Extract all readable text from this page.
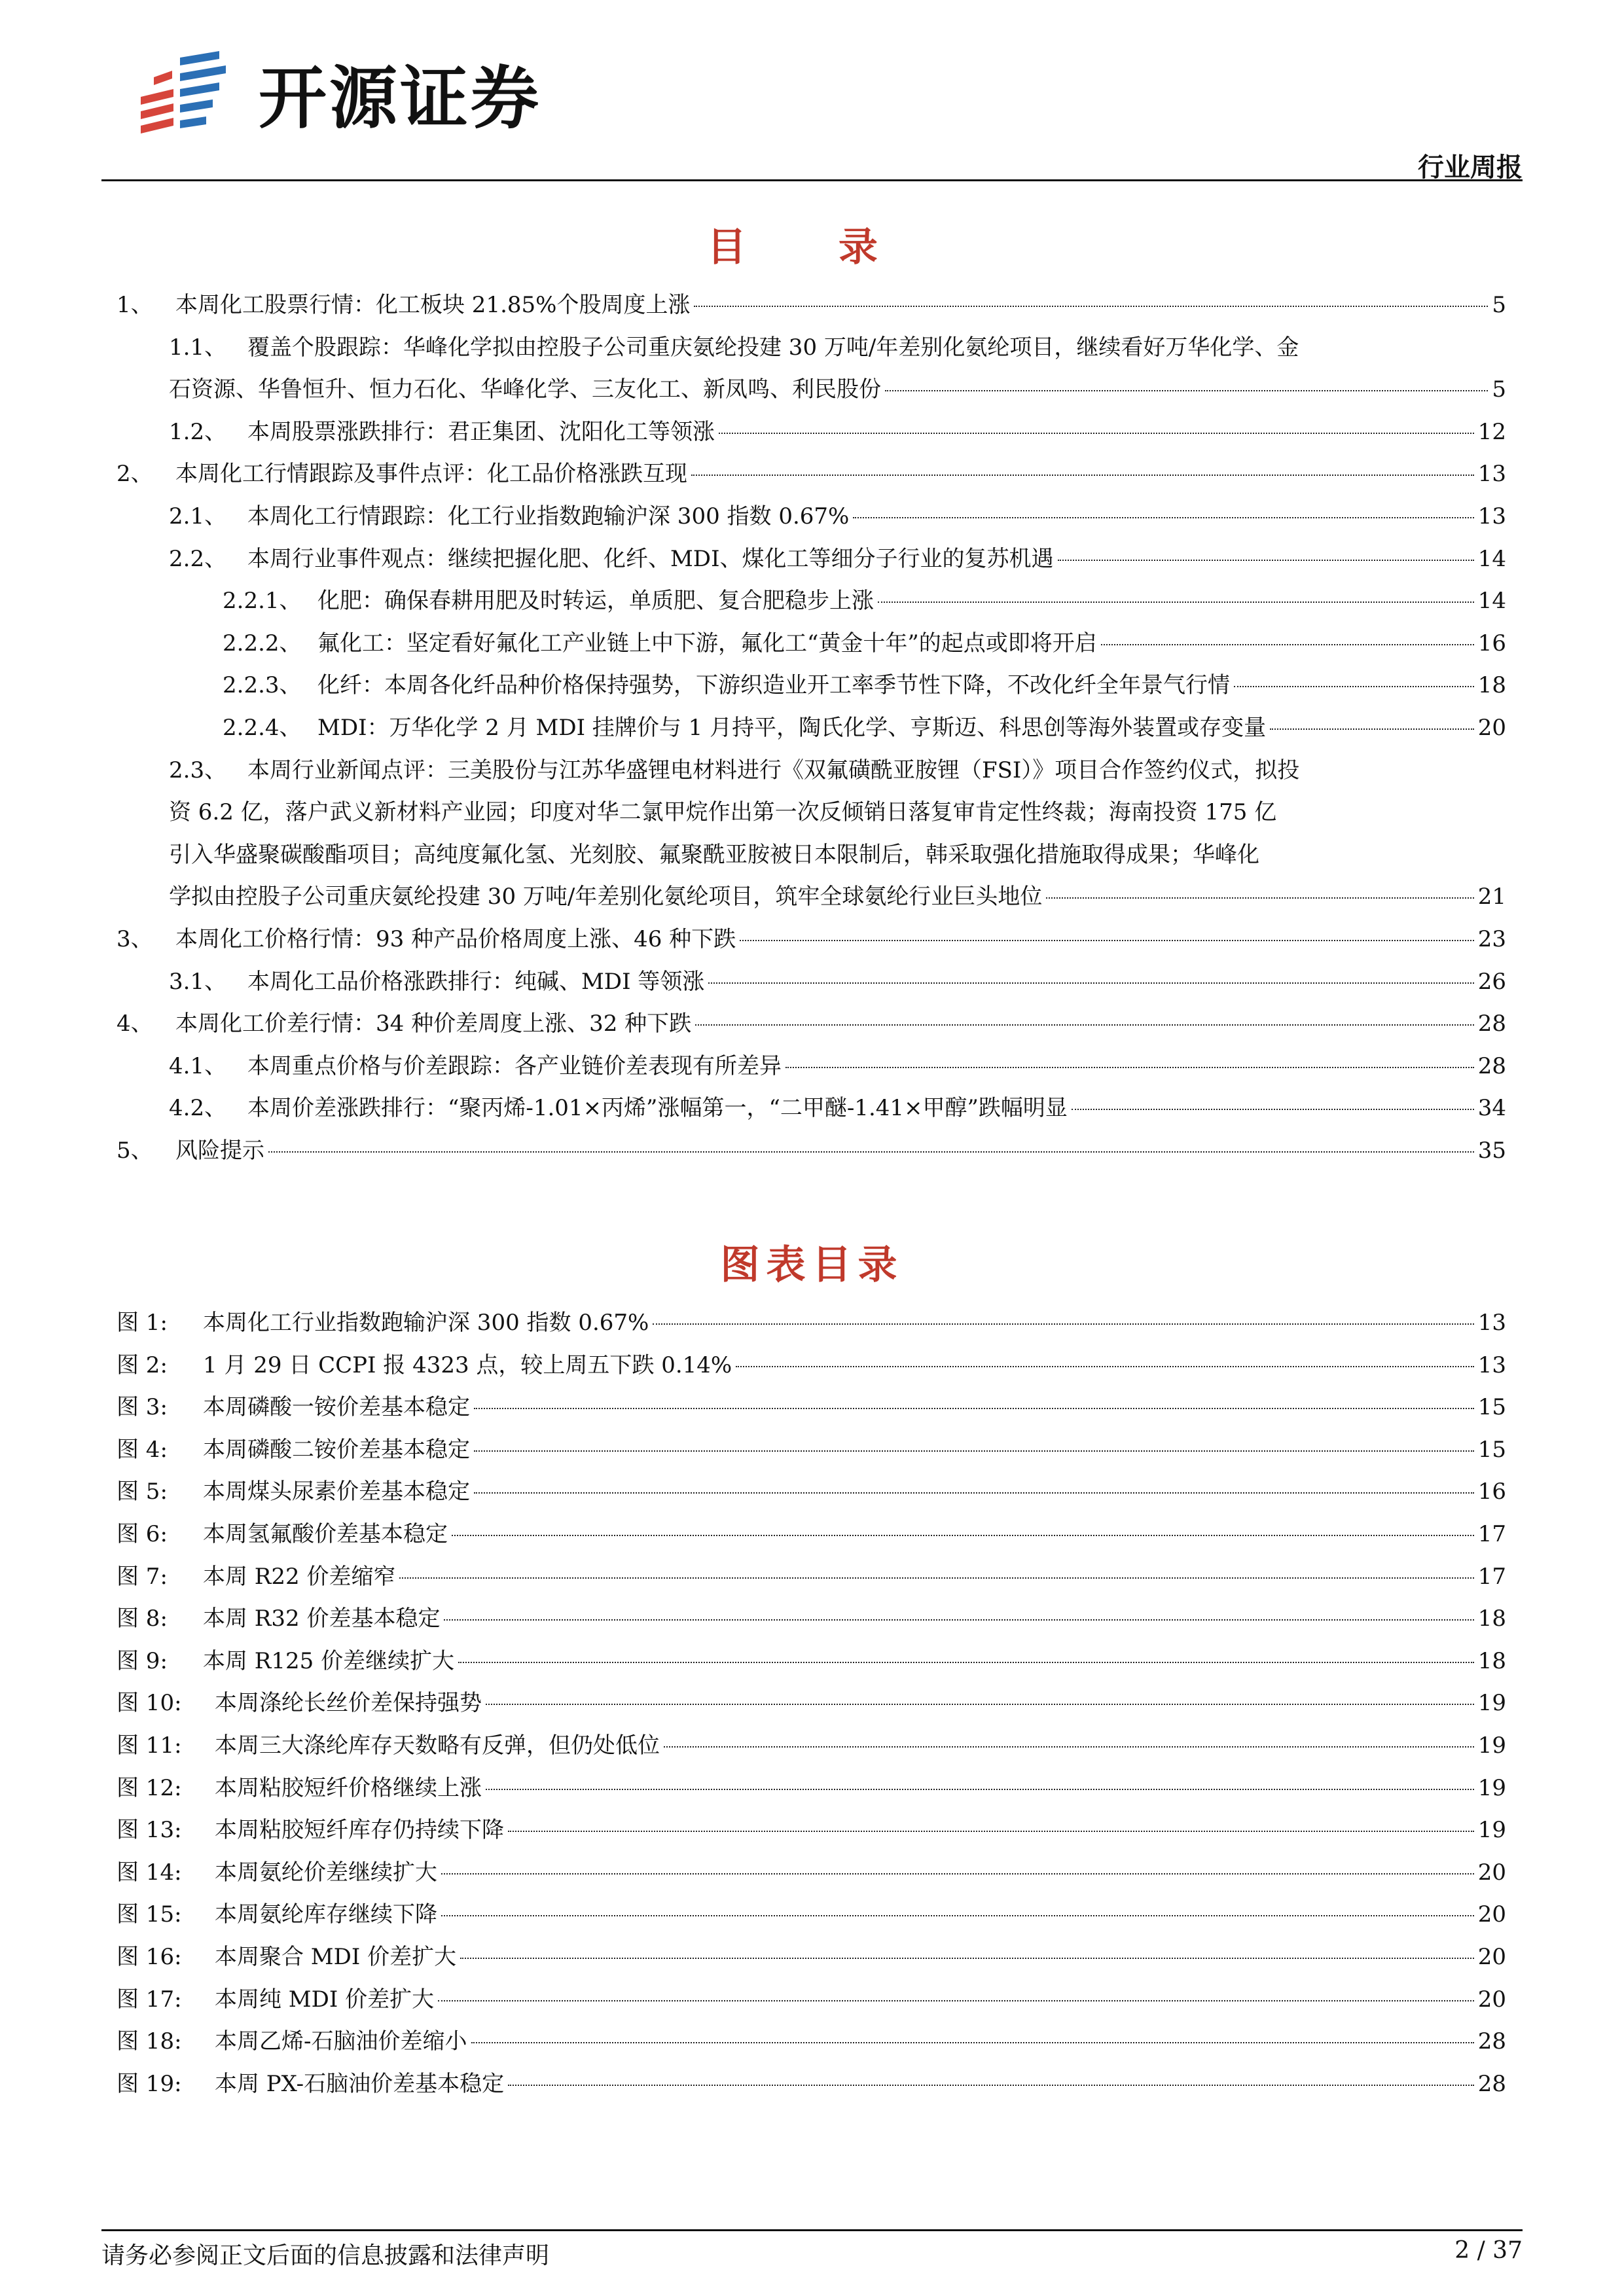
开源证券
行业周报
目 录
1、	本周化工股票行情：化工板块 21.85%个股周度上涨	5
1.1、 覆盖个股跟踪：华峰化学拟由控股子公司重庆氨纶投建 30 万吨/年差别化氨纶项目，继续看好万华化学、金
石资源、华鲁恒升、恒力石化、华峰化学、三友化工、新凤鸣、利民股份	5
1.2、 本周股票涨跌排行：君正集团、沈阳化工等领涨	12
2、	本周化工行情跟踪及事件点评：化工品价格涨跌互现	13
2.1、 本周化工行情跟踪：化工行业指数跑输沪深 300 指数 0.67%	13
2.2、 本周行业事件观点：继续把握化肥、化纤、MDI、煤化工等细分子行业的复苏机遇	14
2.2.1、 化肥：确保春耕用肥及时转运，单质肥、复合肥稳步上涨	14
2.2.2、 氟化工：坚定看好氟化工产业链上中下游，氟化工“黄金十年”的起点或即将开启	16
2.2.3、 化纤：本周各化纤品种价格保持强势，下游织造业开工率季节性下降，不改化纤全年景气行情	18
2.2.4、 MDI：万华化学 2 月 MDI 挂牌价与 1 月持平，陶氏化学、亨斯迈、科思创等海外装置或存变量	20
2.3、 本周行业新闻点评：三美股份与江苏华盛锂电材料进行《双氟磺酰亚胺锂（FSI）》项目合作签约仪式，拟投
资 6.2 亿，落户武义新材料产业园；印度对华二氯甲烷作出第一次反倾销日落复审肯定性终裁；海南投资 175 亿
引入华盛聚碳酸酯项目；高纯度氟化氢、光刻胶、氟聚酰亚胺被日本限制后，韩采取强化措施取得成果；华峰化
学拟由控股子公司重庆氨纶投建 30 万吨/年差别化氨纶项目，筑牢全球氨纶行业巨头地位	21
3、	本周化工价格行情：93 种产品价格周度上涨、46 种下跌	23
3.1、 本周化工品价格涨跌排行：纯碱、MDI 等领涨	26
4、	本周化工价差行情：34 种价差周度上涨、32 种下跌	28
4.1、 本周重点价格与价差跟踪：各产业链价差表现有所差异	28
4.2、 本周价差涨跌排行：“聚丙烯-1.01×丙烯”涨幅第一，“二甲醚-1.41×甲醇”跌幅明显	34
5、	风险提示	35
图表目录
图 1:	本周化工行业指数跑输沪深 300 指数 0.67%	13
图 2:	1 月 29 日 CCPI 报 4323 点，较上周五下跌 0.14%	13
图 3:	本周磷酸一铵价差基本稳定	15
图 4:	本周磷酸二铵价差基本稳定	15
图 5:	本周煤头尿素价差基本稳定	16
图 6:	本周氢氟酸价差基本稳定	17
图 7:	本周 R22 价差缩窄	17
图 8:	本周 R32 价差基本稳定	18
图 9:	本周 R125 价差继续扩大	18
图 10:	本周涤纶长丝价差保持强势	19
图 11:	本周三大涤纶库存天数略有反弹，但仍处低位	19
图 12:	本周粘胶短纤价格继续上涨	19
图 13:	本周粘胶短纤库存仍持续下降	19
图 14:	本周氨纶价差继续扩大	20
图 15:	本周氨纶库存继续下降	20
图 16:	本周聚合 MDI 价差扩大	20
图 17:	本周纯 MDI 价差扩大	20
图 18:	本周乙烯-石脑油价差缩小	28
图 19:	本周 PX-石脑油价差基本稳定	28
请务必参阅正文后面的信息披露和法律声明	2 / 37
